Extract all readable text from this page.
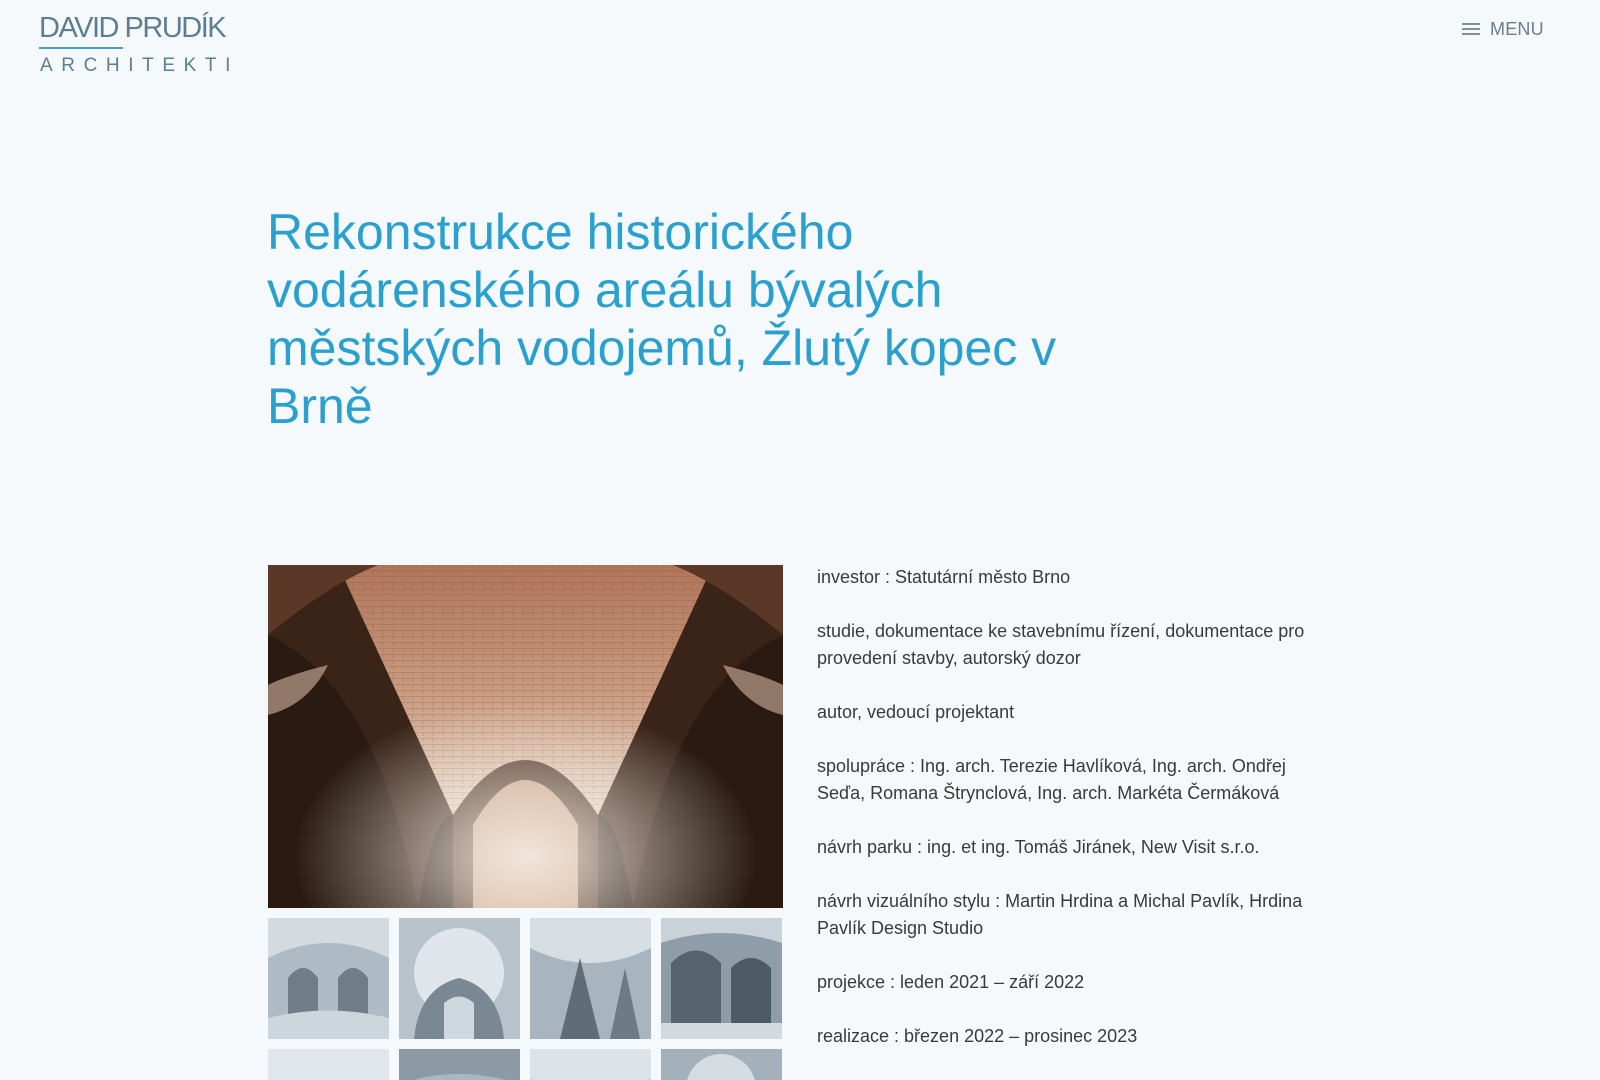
DAVID PRUDÍK
ARCHITEKTI
MENU
Rekonstrukce historického vodárenského areálu bývalých městských vodojemů, Žlutý kopec v Brně

investor : Statutární město Brno

studie, dokumentace ke stavebnímu řízení, dokumentace pro provedení stavby, autorský dozor

autor, vedoucí projektant

spolupráce : Ing. arch. Terezie Havlíková, Ing. arch. Ondřej Seďa, Romana Štrynclová, Ing. arch. Markéta Čermáková

návrh parku : ing. et ing. Tomáš Jiránek, New Visit s.r.o.

návrh vizuálního stylu : Martin Hrdina a Michal Pavlík, Hrdina Pavlík Design Studio

projekce : leden 2021 – září 2022

realizace : březen 2022 – prosinec 2023
